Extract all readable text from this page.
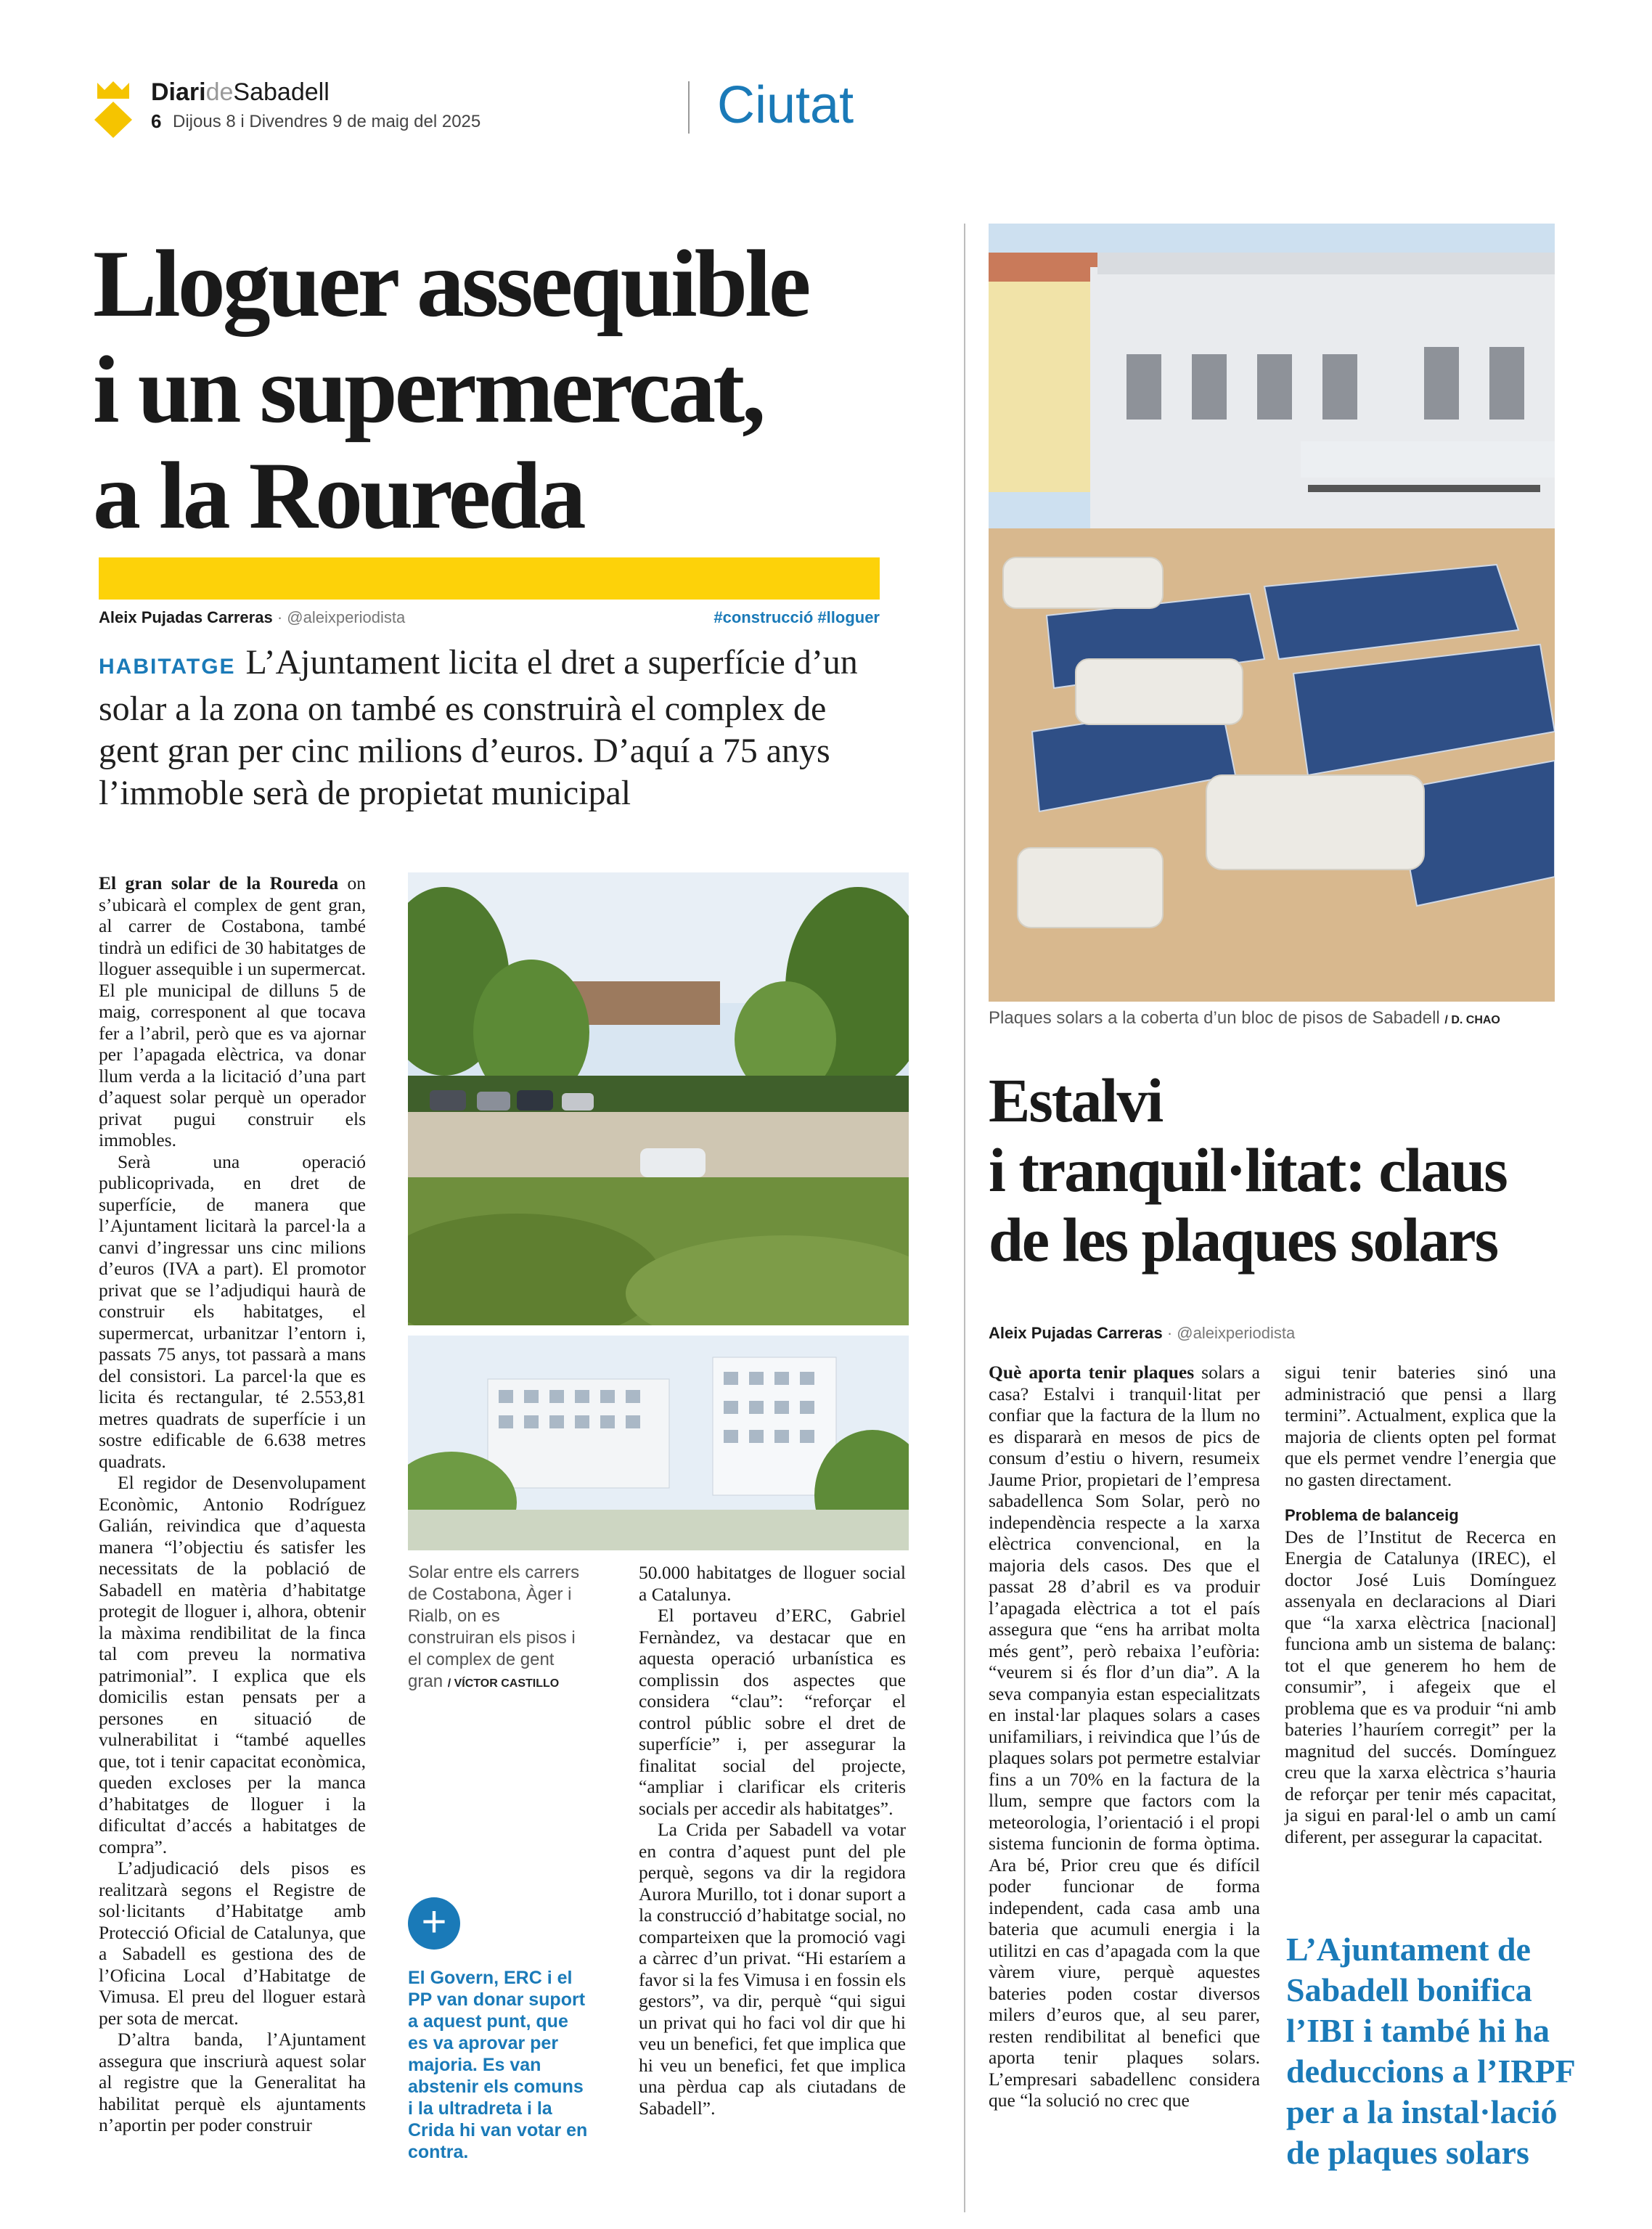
DiarideSabadell
6 Dijous 8 i Divendres 9 de maig del 2025	Ciutat
Lloguer assequible
i un supermercat,
a la Roureda
Aleix Pujadas Carreras · @aleixperiodista	#construcció #lloguer

HABITATGE L’Ajuntament licita el dret a superfície d’un solar a la zona on també es construirà el complex de gent gran per cinc milions d’euros. D’aquí a 75 anys l’immoble serà de propietat municipal

El gran solar de la Roureda on s’ubicarà el complex de gent gran, al carrer de Costabona, també tindrà un edifici de 30 habitatges de lloguer assequible i un supermercat. El ple municipal de dilluns 5 de maig, corresponent al que tocava fer a l’abril, però que es va ajornar per l’apagada elèctrica, va donar llum verda a la licitació d’una part d’aquest solar perquè un operador privat pugui construir els immobles.

Serà una operació publicoprivada, en dret de superfície, de manera que l’Ajuntament licitarà la parcel·la a canvi d’ingressar uns cinc milions d’euros (IVA a part). El promotor privat que se l’adjudiqui haurà de construir els habitatges, el supermercat, urbanitzar l’entorn i, passats 75 anys, tot passarà a mans del consistori. La parcel·la que es licita és rectangular, té 2.553,81 metres quadrats de superfície i un sostre edificable de 6.638 metres quadrats.

El regidor de Desenvolupament Econòmic, Antonio Rodríguez Galián, reivindica que d’aquesta manera “l’objectiu és satisfer les necessitats de la població de Sabadell en matèria d’habitatge protegit de lloguer i, alhora, obtenir la màxima rendibilitat de la finca tal com preveu la normativa patrimonial”. I explica que els domicilis estan pensats per a persones en situació de vulnerabilitat i “també aquelles que, tot i tenir capacitat econòmica, queden excloses per la manca d’habitatges de lloguer i la dificultat d’accés a habitatges de compra”.

L’adjudicació dels pisos es realitzarà segons el Registre de sol·licitants d’Habitatge amb Protecció Oficial de Catalunya, que a Sabadell es gestiona des de l’Oficina Local d’Habitatge de Vimusa. El preu del lloguer estarà per sota de mercat.

D’altra banda, l’Ajuntament assegura que inscriurà aquest solar al registre que la Generalitat ha habilitat perquè els ajuntaments n’aportin per poder construir

Solar entre els carrers de Costabona, Àger i Rialb, on es construiran els pisos i el complex de gent gran / VÍCTOR CASTILLO
+
El Govern, ERC i el PP van donar suport a aquest punt, que es va aprovar per majoria. Es van abstenir els comuns i la ultradreta i la Crida hi van votar en contra.

50.000 habitatges de lloguer social a Catalunya.

El portaveu d’ERC, Gabriel Fernàndez, va destacar que en aquesta operació urbanística es complissin dos aspectes que considera “clau”: “reforçar el control públic sobre el dret de superfície” i, per assegurar la finalitat social del projecte, “ampliar i clarificar els criteris socials per accedir als habitatges”.

La Crida per Sabadell va votar en contra d’aquest punt del ple perquè, segons va dir la regidora Aurora Murillo, tot i donar suport a la construcció d’habitatge social, no comparteixen que la promoció vagi a càrrec d’un privat. “Hi estaríem a favor si la fes Vimusa i en fossin els gestors”, va dir, perquè “qui sigui un privat qui ho faci vol dir que hi veu un benefici, fet que implica que hi veu un benefici, fet que implica una pèrdua cap als ciutadans de Sabadell”.

Plaques solars a la coberta d’un bloc de pisos de Sabadell / D. CHAO
Estalvi
i tranquil·litat: claus
de les plaques solars
Aleix Pujadas Carreras · @aleixperiodista

Què aporta tenir plaques solars a casa? Estalvi i tranquil·litat per confiar que la factura de la llum no es dispararà en mesos de pics de consum d’estiu o hivern, resumeix Jaume Prior, propietari de l’empresa sabadellenca Som Solar, però no independència respecte a la xarxa elèctrica convencional, en la majoria dels casos. Des que el passat 28 d’abril es va produir l’apagada elèctrica a tot el país assegura que “ens ha arribat molta més gent”, però rebaixa l’eufòria: “veurem si és flor d’un dia”. A la seva companyia estan especialitzats en instal·lar plaques solars a cases unifamiliars, i reivindica que l’ús de plaques solars pot permetre estalviar fins a un 70% en la factura de la llum, sempre que factors com la meteorologia, l’orientació i el propi sistema funcionin de forma òptima. Ara bé, Prior creu que és difícil poder funcionar de forma independent, cada casa amb una bateria que acumuli energia i la utilitzi en cas d’apagada com la que vàrem viure, perquè aquestes bateries poden costar diversos milers d’euros que, al seu parer, resten rendibilitat al benefici que aporta tenir plaques solars. L’empresari sabadellenc considera que “la solució no crec que

sigui tenir bateries sinó una administració que pensi a llarg termini”. Actualment, explica que la majoria de clients opten pel format que els permet vendre l’energia que no gasten directament.

Problema de balanceig

Des de l’Institut de Recerca en Energia de Catalunya (IREC), el doctor José Luis Domínguez assenyala en declaracions al Diari que “la xarxa elèctrica [nacional] funciona amb un sistema de balanç: tot el que generem ho hem de consumir”, i afegeix que el problema que es va produir “ni amb bateries l’hauríem corregit” per la magnitud del succés. Domínguez creu que la xarxa elèctrica s’hauria de reforçar per tenir més capacitat, ja sigui en paral·lel o amb un camí diferent, per assegurar la capacitat.

L’Ajuntament de Sabadell bonifica l’IBI i també hi ha deduccions a l’IRPF per a la instal·lació de plaques solars
